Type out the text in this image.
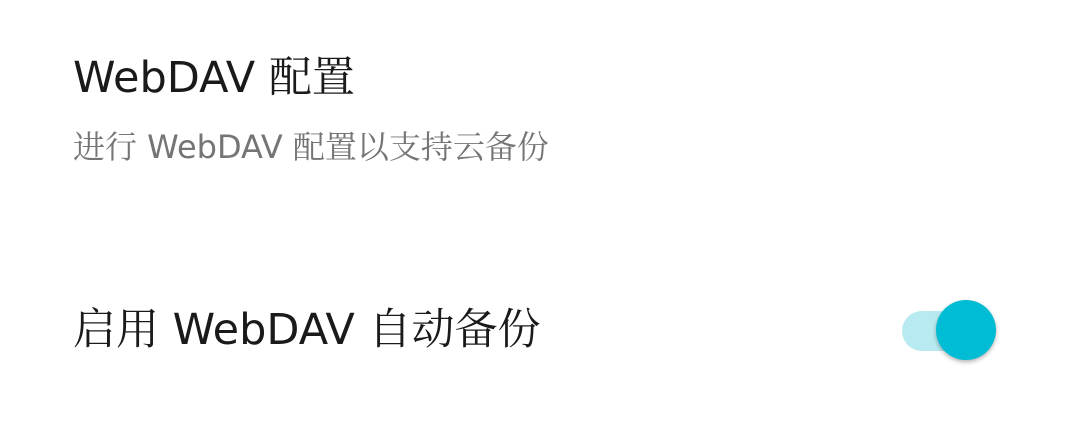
WebDAV 配置
进行 WebDAV 配置以支持云备份
启用 WebDAV 自动备份
